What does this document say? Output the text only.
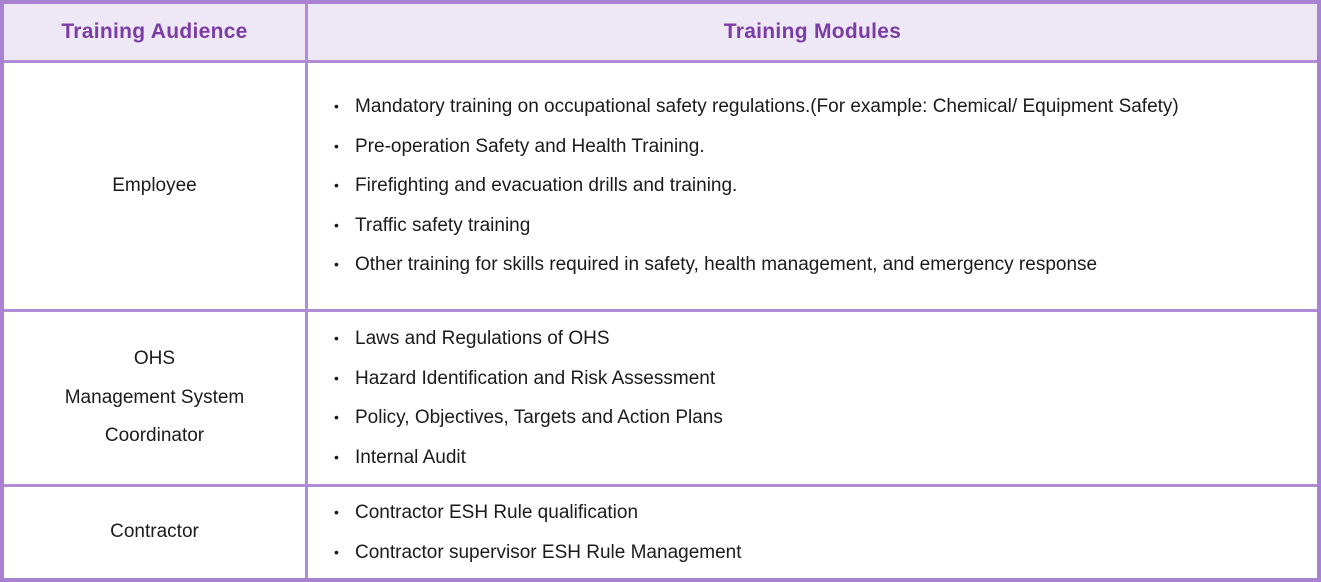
Training Audience	Training Modules
Employee
• Mandatory training on occupational safety regulations.(For example: Chemical/ Equipment Safety)
• Pre-operation Safety and Health Training.
• Firefighting and evacuation drills and training.
• Traffic safety training
• Other training for skills required in safety, health management, and emergency response
OHS
Management System
Coordinator
• Laws and Regulations of OHS
• Hazard Identification and Risk Assessment
• Policy, Objectives, Targets and Action Plans
• Internal Audit
Contractor
• Contractor ESH Rule qualification
• Contractor supervisor ESH Rule Management
